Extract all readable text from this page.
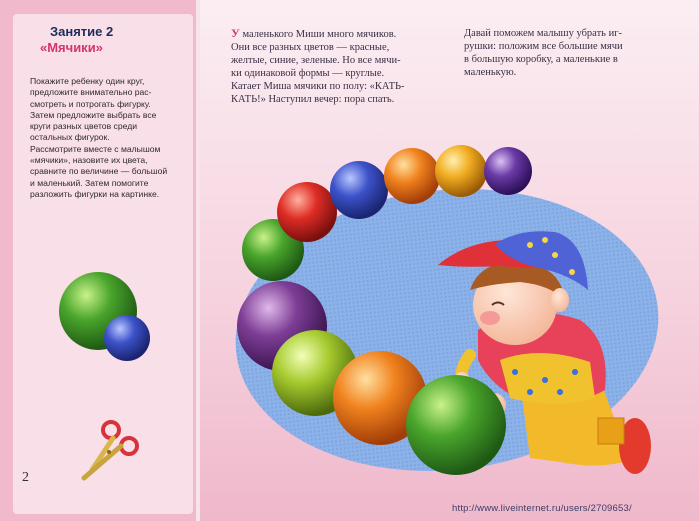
Занятие 2
«Мячики»

Покажите ребенку один круг,

предложите внимательно рас-

смотреть и потрогать фигурку.

Затем предложите выбрать все

круги разных цветов среди

остальных фигурок.

Рассмотрите вместе с малышом

«мячики», назовите их цвета,

сравните по величине — большой

и маленький. Затем помогите

разложить фигурки на картинке.

2
У маленького Миши много мячиков.
Они все разных цветов — красные,
желтые, синие, зеленые. Но все мячи-
ки одинаковой формы — круглые.
Катает Миша мячики по полу: «КАТЬ-
КАТЬ!» Наступил вечер: пора спать.
Давай поможем малышу убрать иг-
рушки: положим все большие мячи
в большую коробку, а маленькие в
маленькую.
http://www.liveinternet.ru/users/2709653/
